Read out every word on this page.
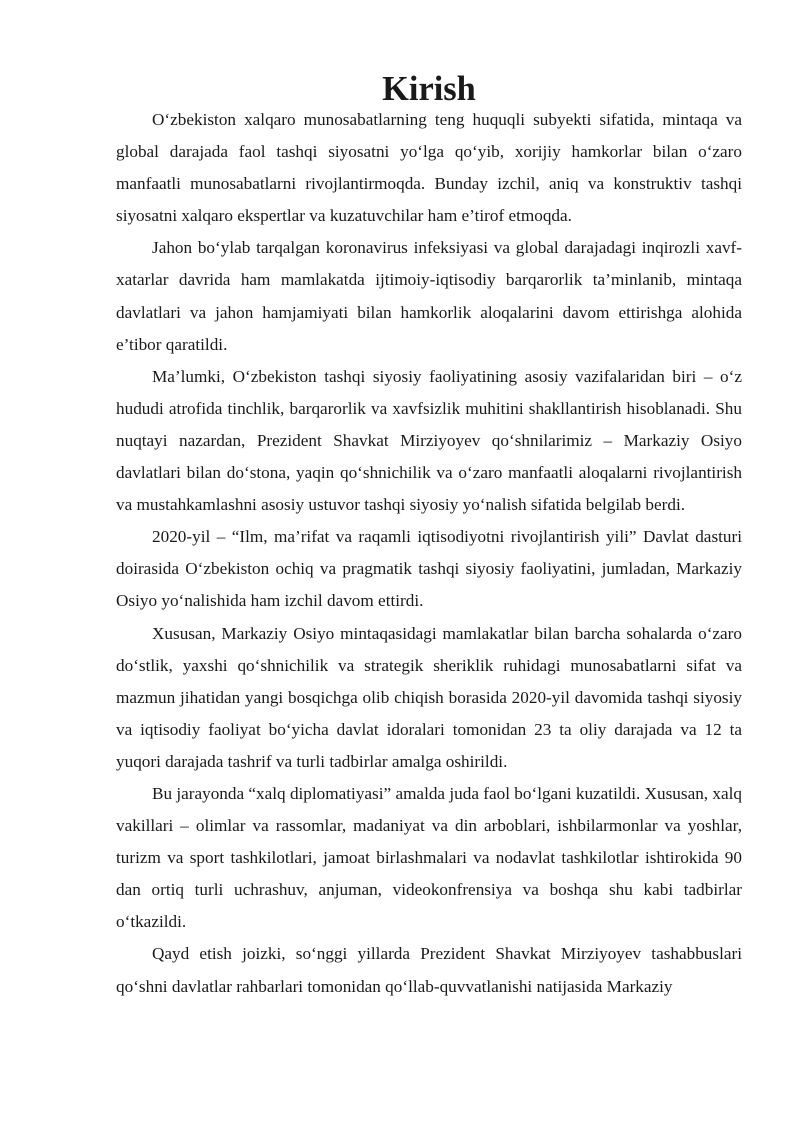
Kirish

O‘zbekiston xalqaro munosabatlarning teng huquqli subyekti sifatida, mintaqa va global darajada faol tashqi siyosatni yo‘lga qo‘yib, xorijiy hamkorlar bilan o‘zaro manfaatli munosabatlarni rivojlantirmoqda. Bunday izchil, aniq va konstruktiv tashqi siyosatni xalqaro ekspertlar va kuzatuvchilar ham e’tirof etmoqda.

Jahon bo‘ylab tarqalgan koronavirus infeksiyasi va global darajadagi inqirozli xavf-xatarlar davrida ham mamlakatda ijtimoiy-iqtisodiy barqarorlik ta’minlanib, mintaqa davlatlari va jahon hamjamiyati bilan hamkorlik aloqalarini davom ettirishga alohida e’tibor qaratildi.

Ma’lumki, O‘zbekiston tashqi siyosiy faoliyatining asosiy vazifalaridan biri – o‘z hududi atrofida tinchlik, barqarorlik va xavfsizlik muhitini shakllantirish hisoblanadi. Shu nuqtayi nazardan, Prezident Shavkat Mirziyoyev qo‘shnilarimiz – Markaziy Osiyo davlatlari bilan do‘stona, yaqin qo‘shnichilik va o‘zaro manfaatli aloqalarni rivojlantirish va mustahkamlashni asosiy ustuvor tashqi siyosiy yo‘nalish sifatida belgilab berdi.

2020-yil – “Ilm, ma’rifat va raqamli iqtisodiyotni rivojlantirish yili” Davlat dasturi doirasida O‘zbekiston ochiq va pragmatik tashqi siyosiy faoliyatini, jumladan, Markaziy Osiyo yo‘nalishida ham izchil davom ettirdi.

Xususan, Markaziy Osiyo mintaqasidagi mamlakatlar bilan barcha sohalarda o‘zaro do‘stlik, yaxshi qo‘shnichilik va strategik sheriklik ruhidagi munosabatlarni sifat va mazmun jihatidan yangi bosqichga olib chiqish borasida 2020-yil davomida tashqi siyosiy va iqtisodiy faoliyat bo‘yicha davlat idoralari tomonidan 23 ta oliy darajada va 12 ta yuqori darajada tashrif va turli tadbirlar amalga oshirildi.

Bu jarayonda “xalq diplomatiyasi” amalda juda faol bo‘lgani kuzatildi. Xususan, xalq vakillari – olimlar va rassomlar, madaniyat va din arboblari, ishbilarmonlar va yoshlar, turizm va sport tashkilotlari, jamoat birlashmalari va nodavlat tashkilotlar ishtirokida 90 dan ortiq turli uchrashuv, anjuman, videokonfrensiya va boshqa shu kabi tadbirlar o‘tkazildi.

Qayd etish joizki, so‘nggi yillarda Prezident Shavkat Mirziyoyev tashabbuslari qo‘shni davlatlar rahbarlari tomonidan qo‘llab-quvvatlanishi natijasida Markaziy
